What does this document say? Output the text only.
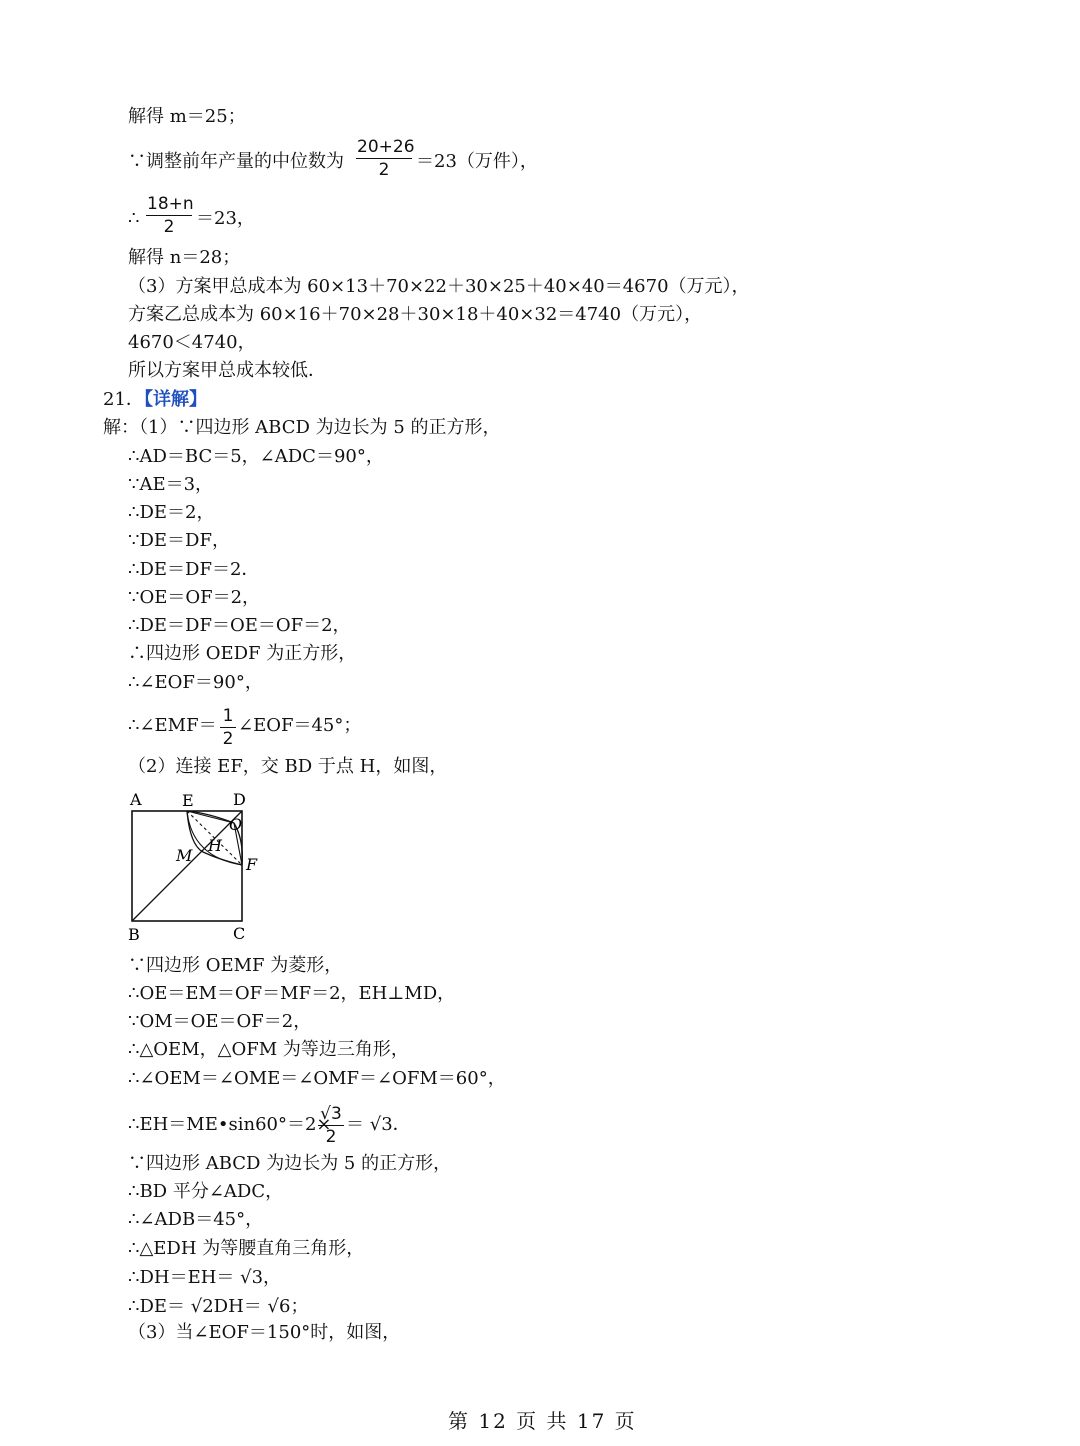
解得 m＝25；
∵调整前年产量的中位数为 $\frac{20+26}{2} =23$（万件），
∴ $\frac{18+n}{2} =23$，
解得 n＝28；
（3）方案甲总成本为 60×13＋70×22＋30×25＋40×40＝4670（万元），
方案乙总成本为 60×16＋70×28＋30×18＋40×32＝4740（万元），
4670＜4740，
所以方案甲总成本较低．
21．
【详解】
解：（1）∵四边形 ABCD 为边长为 5 的正方形，
∴AD＝BC＝5，∠ADC＝90°，
∵AE＝3，
∴DE＝2，
∵DE＝DF，
∴DE＝DF＝2．
∵OE＝OF＝2，
∴DE＝DF＝OE＝OF＝2，
∴四边形 OEDF 为正方形，
∴∠EOF＝90°，
∴∠EMF＝ $\frac{1}{2}$ ∠EOF＝45°；
（2）连接 EF，交 BD 于点 H，如图，
A	E D
O
H
M	F
B	C
∵四边形 OEMF 为菱形，
∴OE＝EM＝OF＝MF＝2，EH⊥MD，
∵OM＝OE＝OF＝2，
∴△OEM，△OFM 为等边三角形，
∴∠OEM＝∠OME＝∠OMF＝∠OFM＝60°，
∴EH＝ME•sin60°＝2×
$\frac{√3}{2} = √3$．
∵四边形 ABCD 为边长为 5 的正方形，
∴BD 平分∠ADC，
∴∠ADB＝45°，
∴△EDH 为等腰直角三角形，
∴DH＝EH＝ √3，
∴DE＝ √2DH＝ √6；
（3）当∠EOF＝150°时，如图，
第 12 页 共 17 页
